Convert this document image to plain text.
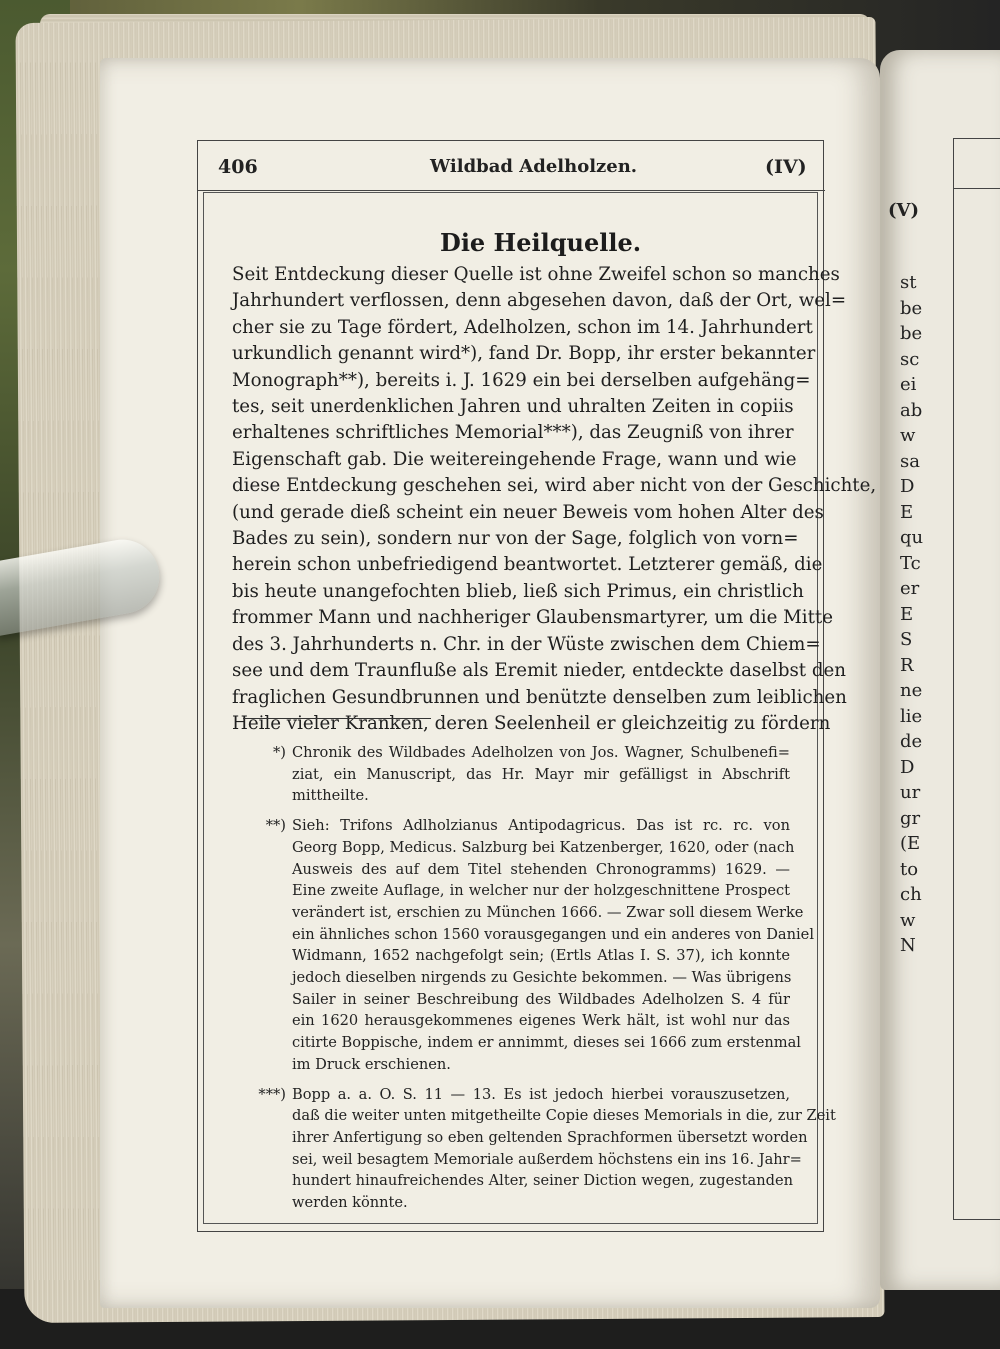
(V)
st
be
be
sc
ei
ab
w
sa
D
E
qu
Tc
er
E
S
R
ne
lie
de
D
ur
gr
(E
to
ch
w
N
406	Wildbad Adelholzen.	(IV)
Die Heilquelle.
Seit Entdeckung dieser Quelle ist ohne Zweifel schon so manches
Jahrhundert verflossen, denn abgesehen davon, daß der Ort, wel=
cher sie zu Tage fördert, Adelholzen, schon im 14. Jahrhundert
urkundlich genannt wird*), fand Dr. Bopp, ihr erster bekannter
Monograph**), bereits i. J. 1629 ein bei derselben aufgehäng=
tes, seit unerdenklichen Jahren und uhralten Zeiten in copiis
erhaltenes schriftliches Memorial***), das Zeugniß von ihrer
Eigenschaft gab. Die weitereingehende Frage, wann und wie
diese Entdeckung geschehen sei, wird aber nicht von der Geschichte,
(und gerade dieß scheint ein neuer Beweis vom hohen Alter des
Bades zu sein), sondern nur von der Sage, folglich von vorn=
herein schon unbefriedigend beantwortet. Letzterer gemäß, die
bis heute unangefochten blieb, ließ sich Primus, ein christlich
frommer Mann und nachheriger Glaubensmartyrer, um die Mitte
des 3. Jahrhunderts n. Chr. in der Wüste zwischen dem Chiem=
see und dem Traunfluße als Eremit nieder, entdeckte daselbst den
fraglichen Gesundbrunnen und benützte denselben zum leiblichen
Heile vieler Kranken, deren Seelenheil er gleichzeitig zu fördern
*) Chronik des Wildbades Adelholzen von Jos. Wagner, Schulbenefi=
ziat, ein Manuscript, das Hr. Mayr mir gefälligst in Abschrift
mittheilte.
**) Sieh: Trifons Adlholzianus Antipodagricus. Das ist rc. rc. von
Georg Bopp, Medicus. Salzburg bei Katzenberger, 1620, oder (nach
Ausweis des auf dem Titel stehenden Chronogramms) 1629. —
Eine zweite Auflage, in welcher nur der holzgeschnittene Prospect
verändert ist, erschien zu München 1666. — Zwar soll diesem Werke
ein ähnliches schon 1560 vorausgegangen und ein anderes von Daniel
Widmann, 1652 nachgefolgt sein; (Ertls Atlas I. S. 37), ich konnte
jedoch dieselben nirgends zu Gesichte bekommen. — Was übrigens
Sailer in seiner Beschreibung des Wildbades Adelholzen S. 4 für
ein 1620 herausgekommenes eigenes Werk hält, ist wohl nur das
citirte Boppische, indem er annimmt, dieses sei 1666 zum erstenmal
im Druck erschienen.
***) Bopp a. a. O. S. 11 — 13. Es ist jedoch hierbei vorauszusetzen,
daß die weiter unten mitgetheilte Copie dieses Memorials in die, zur Zeit
ihrer Anfertigung so eben geltenden Sprachformen übersetzt worden
sei, weil besagtem Memoriale außerdem höchstens ein ins 16. Jahr=
hundert hinaufreichendes Alter, seiner Diction wegen, zugestanden
werden könnte.
